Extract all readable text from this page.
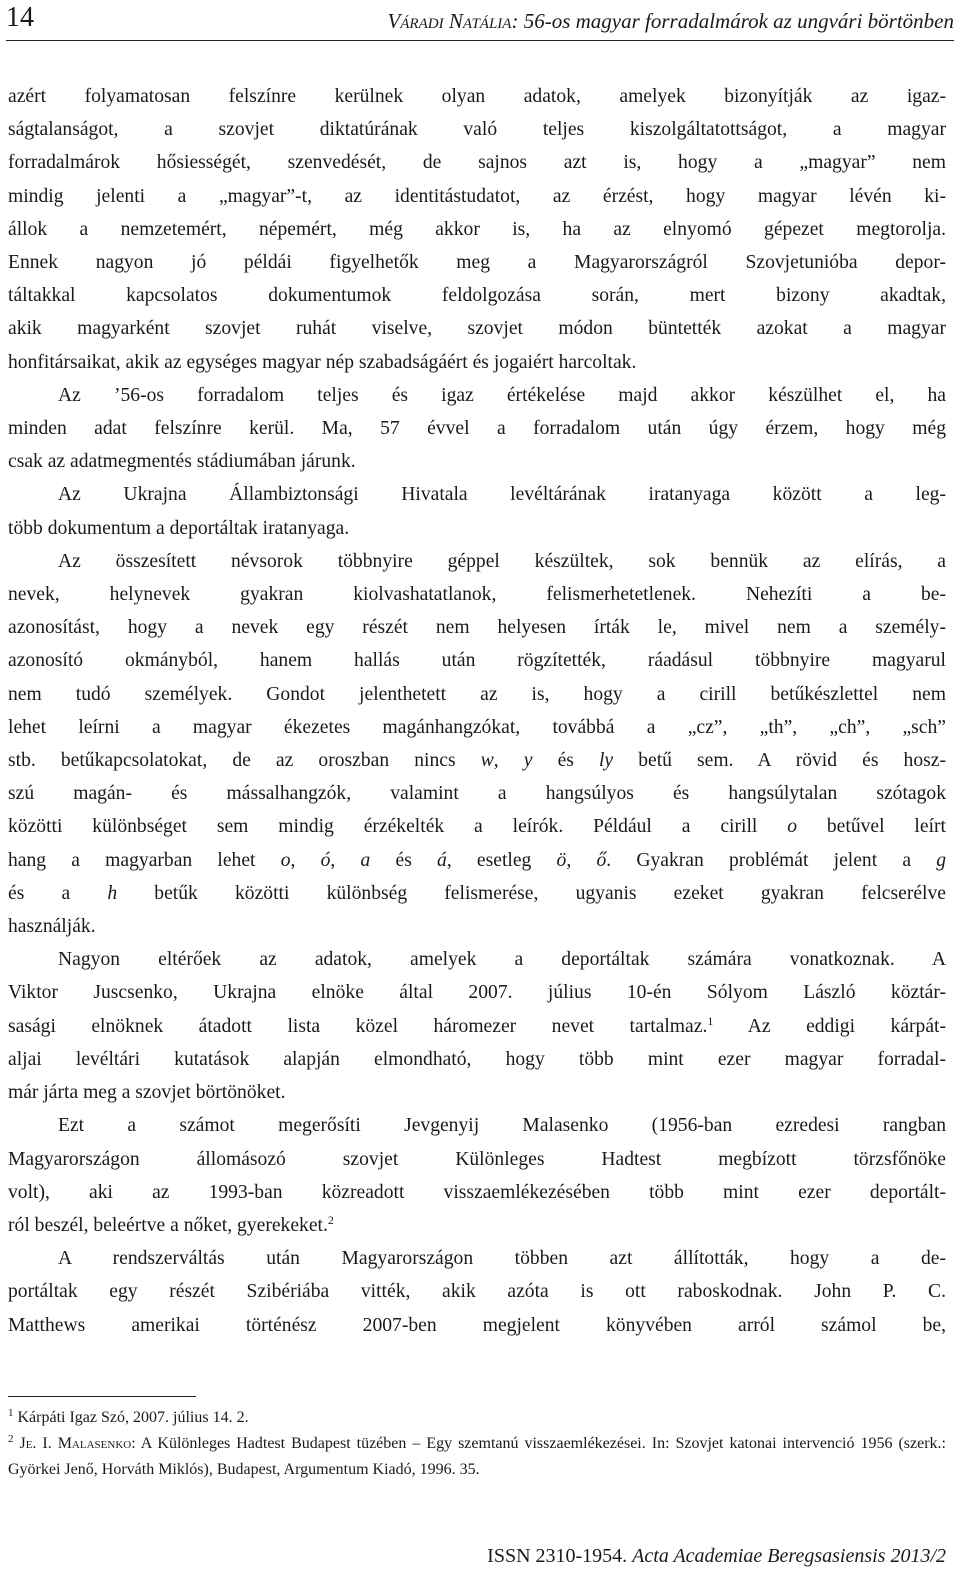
14	Váradi Natália: 56-os magyar forradalmárok az ungvári börtönben

azért folyamatosan felszínre kerülnek olyan adatok, amelyek bizonyítják az igaz-
ságtalanságot, a szovjet diktatúrának való teljes kiszolgáltatottságot, a magyar
forradalmárok hősiességét, szenvedését, de sajnos azt is, hogy a „magyar” nem
mindig jelenti a „magyar”-t, az identitástudatot, az érzést, hogy magyar lévén ki-
állok a nemzetemért, népemért, még akkor is, ha az elnyomó gépezet megtorolja.
Ennek nagyon jó példái figyelhetők meg a Magyarországról Szovjetunióba depor-
táltakkal kapcsolatos dokumentumok feldolgozása során, mert bizony akadtak,
akik magyarként szovjet ruhát viselve, szovjet módon büntették azokat a magyar
honfitársaikat, akik az egységes magyar nép szabadságáért és jogaiért harcoltak.

Az ’56-os forradalom teljes és igaz értékelése majd akkor készülhet el, ha
minden adat felszínre kerül. Ma, 57 évvel a forradalom után úgy érzem, hogy még
csak az adatmegmentés stádiumában járunk.

Az Ukrajna Állambiztonsági Hivatala levéltárának iratanyaga között a leg-
több dokumentum a deportáltak iratanyaga.

Az összesített névsorok többnyire géppel készültek, sok bennük az elírás, a
nevek, helynevek gyakran kiolvashatatlanok, felismerhetetlenek. Nehezíti a be-
azonosítást, hogy a nevek egy részét nem helyesen írták le, mivel nem a személy-
azonosító okmányból, hanem hallás után rögzítették, ráadásul többnyire magyarul
nem tudó személyek. Gondot jelenthetett az is, hogy a cirill betűkészlettel nem
lehet leírni a magyar ékezetes magánhangzókat, továbbá a „cz”, „th”, „ch”, „sch”
stb. betűkapcsolatokat, de az oroszban nincs w, y és ly betű sem. A rövid és hosz-
szú magán- és mássalhangzók, valamint a hangsúlyos és hangsúlytalan szótagok
közötti különbséget sem mindig érzékelték a leírók. Például a cirill o betűvel leírt
hang a magyarban lehet o, ó, a és á, esetleg ö, ő. Gyakran problémát jelent a g
és a h betűk közötti különbség felismerése, ugyanis ezeket gyakran felcserélve
használják.

Nagyon eltérőek az adatok, amelyek a deportáltak számára vonatkoznak. A
Viktor Juscsenko, Ukrajna elnöke által 2007. július 10-én Sólyom László köztár-
sasági elnöknek átadott lista közel háromezer nevet tartalmaz.$^1$ Az eddigi kárpát-
aljai levéltári kutatások alapján elmondható, hogy több mint ezer magyar forradal-
már járta meg a szovjet börtönöket.

Ezt a számot megerősíti Jevgenyij Malasenko (1956-ban ezredesi rangban
Magyarországon állomásozó szovjet Különleges Hadtest megbízott törzsfőnöke
volt), aki az 1993-ban közreadott visszaemlékezésében több mint ezer deportált-
ról beszél, beleértve a nőket, gyerekeket.$^2$

A rendszerváltás után Magyarországon többen azt állították, hogy a de-
portáltak egy részét Szibériába vitték, akik azóta is ott raboskodnak. John P. C.
Matthews amerikai történész 2007-ben megjelent könyvében arról számol be,

$^1$ Kárpáti Igaz Szó, 2007. július 14. 2.

$^2$ Je. I. Malasenko: A Különleges Hadtest Budapest tüzében – Egy szemtanú visszaemlékezései. In: Szovjet katonai intervenció 1956 (szerk.: Györkei Jenő, Horváth Miklós), Budapest, Argumentum Kiadó, 1996. 35.

ISSN 2310-1954. Acta Academiae Beregsasiensis 2013/2
